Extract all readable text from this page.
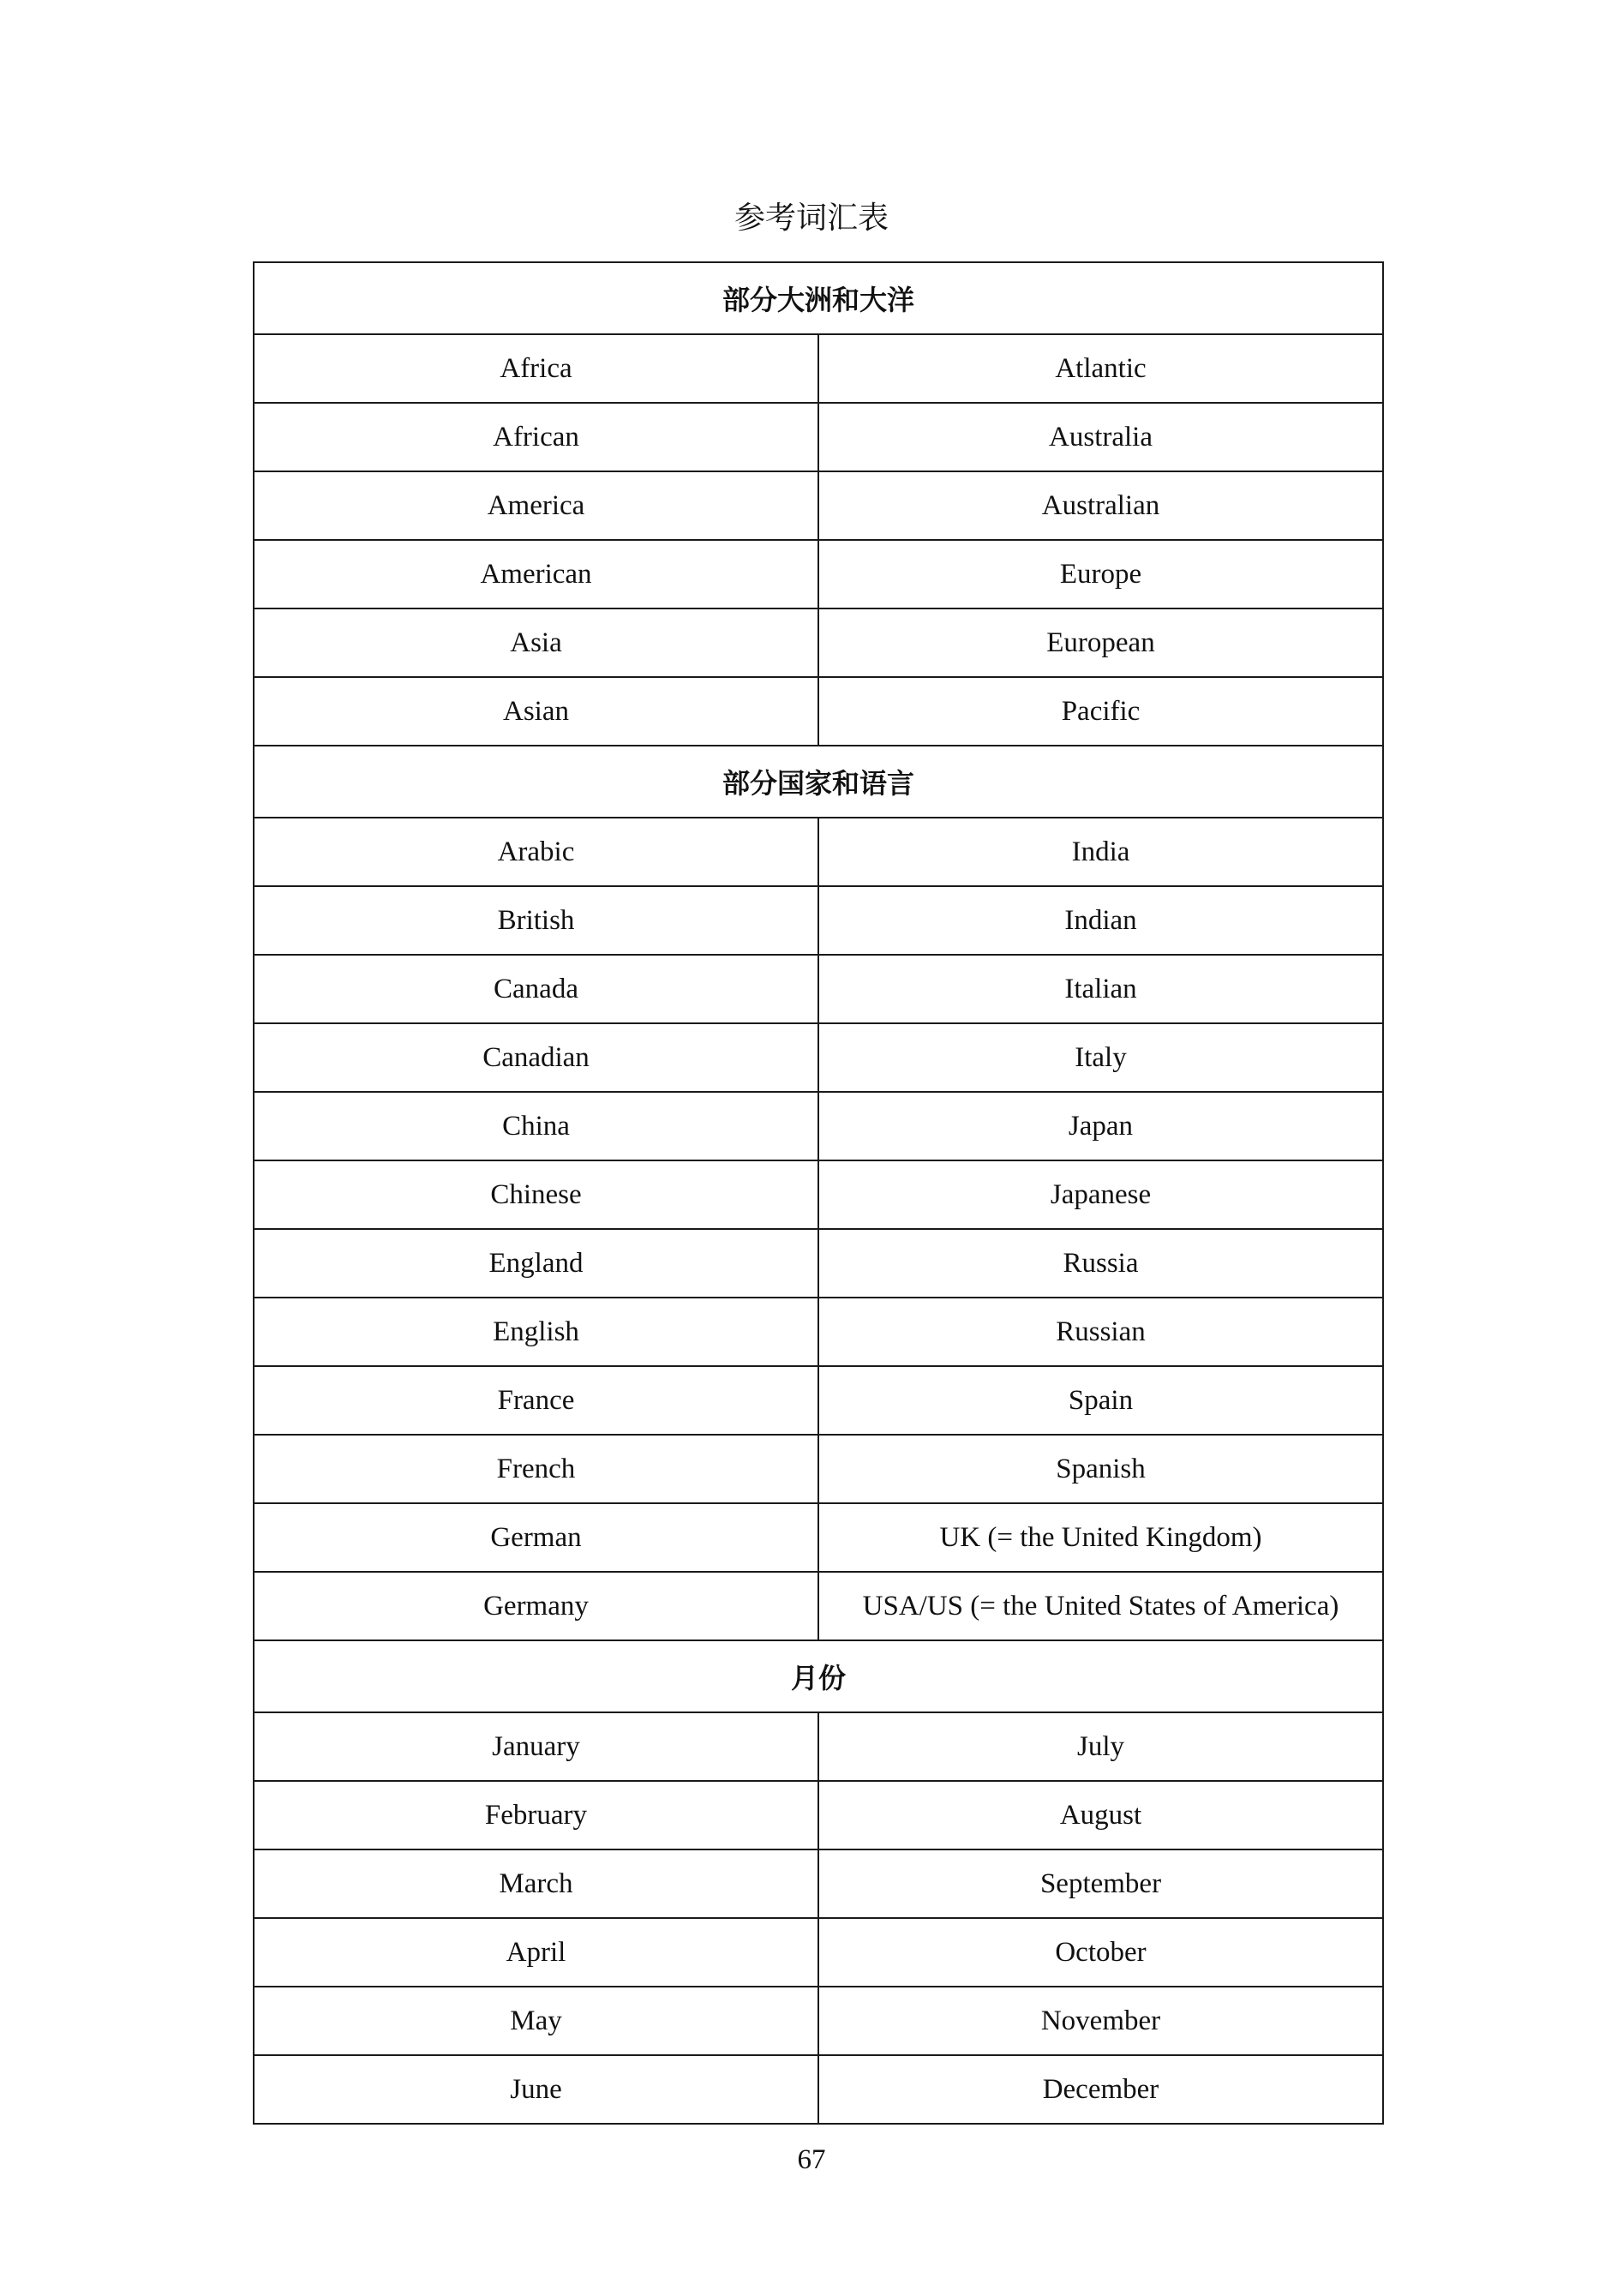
参考词汇表
部分大洲和大洋	
Africa	Atlantic
African	Australia
America	Australian
American	Europe
Asia	European
Asian	Pacific
部分国家和语言	
Arabic	India
British	Indian
Canada	Italian
Canadian	Italy
China	Japan
Chinese	Japanese
England	Russia
English	Russian
France	Spain
French	Spanish
German	UK (= the United Kingdom)
Germany	USA/US (= the United States of America)
月份	
January	July
February	August
March	September
April	October
May	November
June	December
67
